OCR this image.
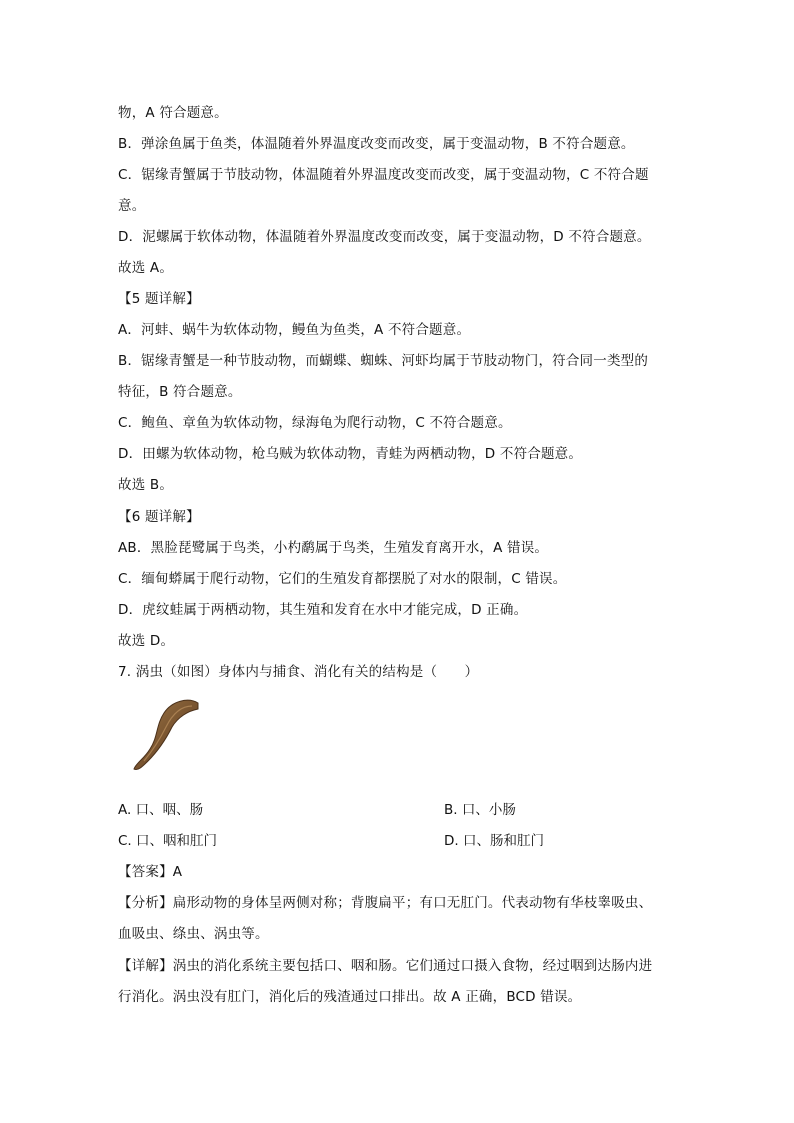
物，A 符合题意。
B．弹涂鱼属于鱼类，体温随着外界温度改变而改变，属于变温动物，B 不符合题意。
C．锯缘青蟹属于节肢动物，体温随着外界温度改变而改变，属于变温动物，C 不符合题
意。
D．泥螺属于软体动物，体温随着外界温度改变而改变，属于变温动物，D 不符合题意。
故选 A。
【5 题详解】
A．河蚌、蜗牛为软体动物，鳗鱼为鱼类，A 不符合题意。
B．锯缘青蟹是一种节肢动物，而蝴蝶、蜘蛛、河虾均属于节肢动物门，符合同一类型的
特征，B 符合题意。
C．鲍鱼、章鱼为软体动物，绿海龟为爬行动物，C 不符合题意。
D．田螺为软体动物，枪乌贼为软体动物，青蛙为两栖动物，D 不符合题意。
故选 B。
【6 题详解】
AB．黑脸琵鹭属于鸟类，小杓鹬属于鸟类，生殖发育离开水，A 错误。
C．缅甸蟒属于爬行动物，它们的生殖发育都摆脱了对水的限制，C 错误。
D．虎纹蛙属于两栖动物，其生殖和发育在水中才能完成，D 正确。
故选 D。
7. 涡虫（如图）身体内与捕食、消化有关的结构是（　　）
A. 口、咽、肠	B. 口、小肠
C. 口、咽和肛门	D. 口、肠和肛门
【答案】A
【分析】扁形动物的身体呈两侧对称；背腹扁平；有口无肛门。代表动物有华枝睾吸虫、
血吸虫、绦虫、涡虫等。
【详解】涡虫的消化系统主要包括口、咽和肠。它们通过口摄入食物，经过咽到达肠内进
行消化。涡虫没有肛门，消化后的残渣通过口排出。故 A 正确，BCD 错误。
